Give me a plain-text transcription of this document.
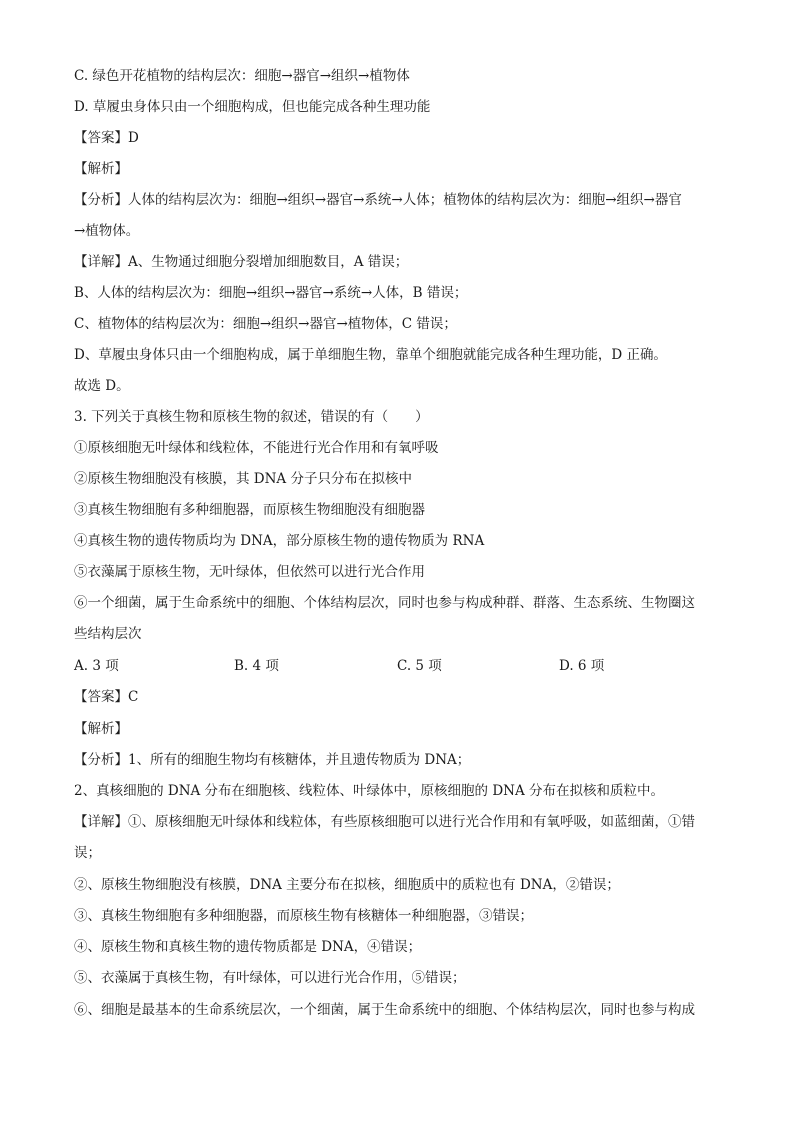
C. 绿色开花植物的结构层次：细胞→器官→组织→植物体
D. 草履虫身体只由一个细胞构成，但也能完成各种生理功能
【答案】D
【解析】
【分析】人体的结构层次为：细胞→组织→器官→系统→人体；植物体的结构层次为：细胞→组织→器官
→植物体。
【详解】A、生物通过细胞分裂增加细胞数目，A 错误；
B、人体的结构层次为：细胞→组织→器官→系统→人体，B 错误；
C、植物体的结构层次为：细胞→组织→器官→植物体，C 错误；
D、草履虫身体只由一个细胞构成，属于单细胞生物，靠单个细胞就能完成各种生理功能，D 正确。
故选 D。
3. 下列关于真核生物和原核生物的叙述，错误的有（　　）
①原核细胞无叶绿体和线粒体，不能进行光合作用和有氧呼吸
②原核生物细胞没有核膜，其 DNA 分子只分布在拟核中
③真核生物细胞有多种细胞器，而原核生物细胞没有细胞器
④真核生物的遗传物质均为 DNA，部分原核生物的遗传物质为 RNA
⑤衣藻属于原核生物，无叶绿体，但依然可以进行光合作用
⑥一个细菌，属于生命系统中的细胞、个体结构层次，同时也参与构成种群、群落、生态系统、生物圈这
些结构层次
A. 3 项	B. 4 项	C. 5 项	D. 6 项
【答案】C
【解析】
【分析】1、所有的细胞生物均有核糖体，并且遗传物质为 DNA；
2、真核细胞的 DNA 分布在细胞核、线粒体、叶绿体中，原核细胞的 DNA 分布在拟核和质粒中。
【详解】①、原核细胞无叶绿体和线粒体，有些原核细胞可以进行光合作用和有氧呼吸，如蓝细菌，①错
误；
②、原核生物细胞没有核膜，DNA 主要分布在拟核，细胞质中的质粒也有 DNA，②错误；
③、真核生物细胞有多种细胞器，而原核生物有核糖体一种细胞器，③错误；
④、原核生物和真核生物的遗传物质都是 DNA，④错误；
⑤、衣藻属于真核生物，有叶绿体，可以进行光合作用，⑤错误；
⑥、细胞是最基本的生命系统层次，一个细菌，属于生命系统中的细胞、个体结构层次，同时也参与构成
